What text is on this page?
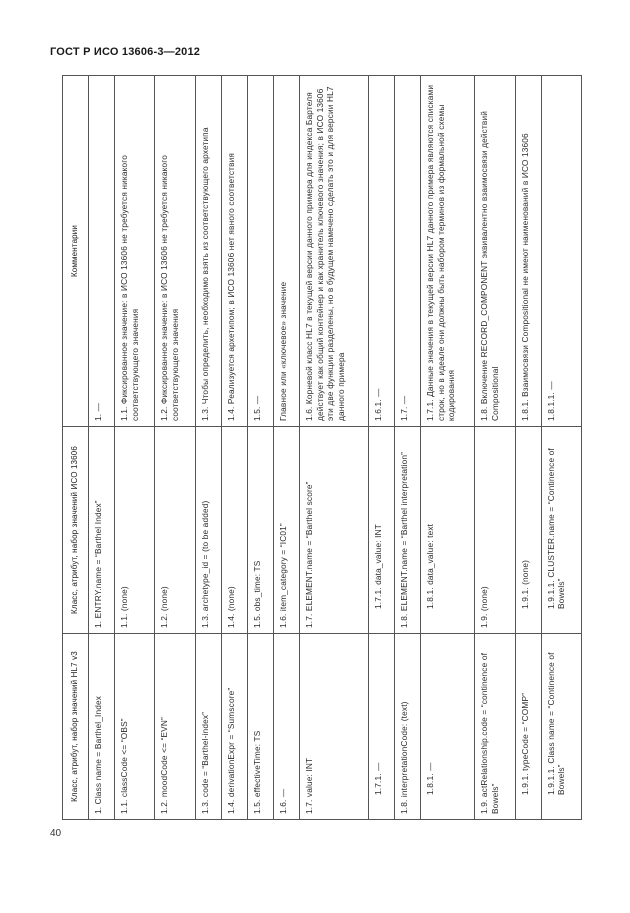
ГОСТ Р ИСО 13606-3—2012
Класс, атрибут, набор значений HL7 v3	Класс, атрибут, набор значений ИСО 13606	Комментарии
1. Class name = Barthel_Index	1. ENTRY.name = “Barthel Index”	1. —
1.1. classCode <= “OBS”	1.1. (none)	1.1. Фиксированное значение: в ИСО 13606 не требуется никакого соответствующего значения
1.2. moodCode <= “EVN”	1.2. (none)	1.2. Фиксированное значение: в ИСО 13606 не требуется никакого соответствующего значения
1.3. code = “Barthel-index”	1.3. archetype_id = (to be added)	1.3. Чтобы определить, необходимо взять из соответствующего архетипа
1.4. derivationExpr = “Sumscore”	1.4. (none)	1.4. Реализуется архетипом; в ИСО 13606 нет явного соответствия
1.5. effectiveTime: TS	1.5. obs_time: TS	1.5. —
1.6. —	1.6. item_category = “IC01”	Главное или «ключевое» значение
1.7. value: INT	1.7. ELEMENT.name = “Barthel score”	1.6. Корневой класс HL7 в текущей версии данного примера для индекса Бартеля действует как общий контейнер и как хранитель ключевого значения; в ИСО 13606 эти две функции разделены, но в будущем намечено сделать это и для версии HL7 данного примера
1.7.1. —	1.7.1. data_value: INT	1.6.1. —
1.8. interpretationCode: (text)	1.8. ELEMENT.name = “Barthel interpretation”	1.7. —
1.8.1. —	1.8.1. data_value: text	1.7.1. Данные значения в текущей версии HL7 данного примера являются списками строк, но в идеале они должны быть набором терминов из формальной схемы кодирования
1.9. actRelationship.code = “continence of Bowels”	1.9. (none)	1.8. Включение RECORD_COMPONENT эквивалентно взаимосвязи действий Compositional
1.9.1. typeCode = “COMP”	1.9.1. (none)	1.8.1. Взаимосвязи Compositional не имеют наименований в ИСО 13606
1.9.1.1. Class name = “Continence of Bowels”	1.9.1.1. CLUSTER.name = “Continence of Bowels”	1.8.1.1. —
40
